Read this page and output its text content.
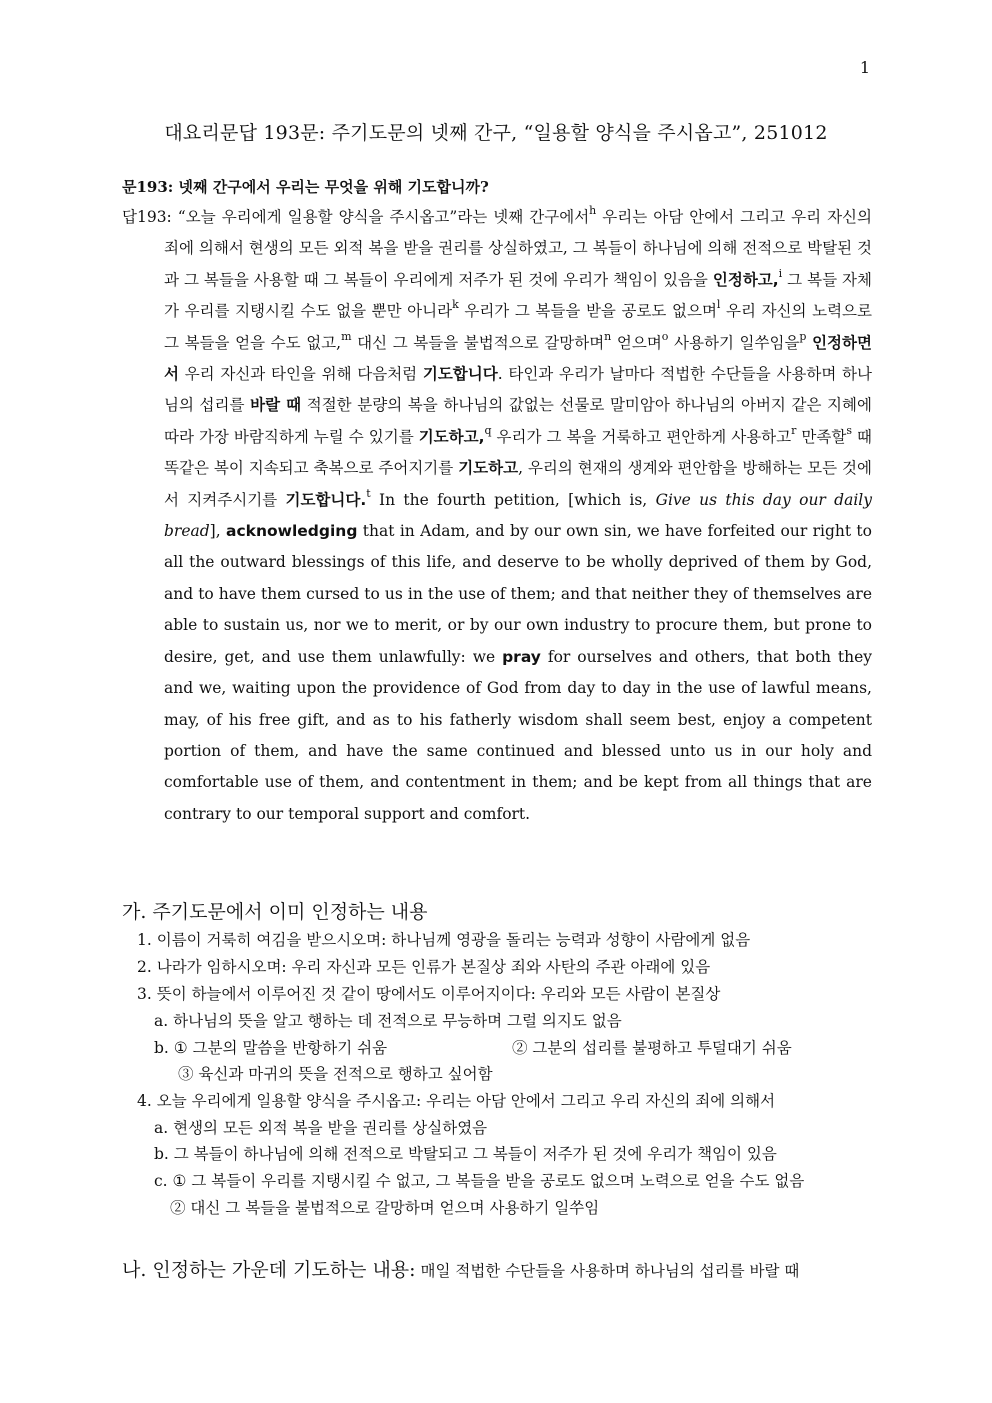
1
대요리문답 193문: 주기도문의 넷째 간구, “일용할 양식을 주시옵고”, 251012
문193: 넷째 간구에서 우리는 무엇을 위해 기도합니까?
답193: “오늘 우리에게 일용할 양식을 주시옵고”라는 넷째 간구에서$^h$ 우리는 아담 안에서 그리고 우리 자신의 죄에 의해서 현생의 모든 외적 복을 받을 권리를 상실하였고, 그 복들이 하나님에 의해 전적으로 박탈된 것과 그 복들을 사용할 때 그 복들이 우리에게 저주가 된 것에 우리가 책임이 있음을 인정하고,$^i$ 그 복들 자체가 우리를 지탱시킬 수도 없을 뿐만 아니라$^k$ 우리가 그 복들을 받을 공로도 없으며$^l$ 우리 자신의 노력으로 그 복들을 얻을 수도 없고,$^m$ 대신 그 복들을 불법적으로 갈망하며$^n$ 얻으며$^o$ 사용하기 일쑤임을$^p$ 인정하면서 우리 자신과 타인을 위해 다음처럼 기도합니다. 타인과 우리가 날마다 적법한 수단들을 사용하며 하나님의 섭리를 바랄 때 적절한 분량의 복을 하나님의 값없는 선물로 말미암아 하나님의 아버지 같은 지혜에 따라 가장 바람직하게 누릴 수 있기를 기도하고,$^q$ 우리가 그 복을 거룩하고 편안하게 사용하고$^r$ 만족할$^s$ 때 똑같은 복이 지속되고 축복으로 주어지기를 기도하고, 우리의 현재의 생계와 편안함을 방해하는 모든 것에서 지켜주시기를 기도합니다.$^t$ In the fourth petition, [which is, Give us this day our daily bread], acknowledging that in Adam, and by our own sin, we have forfeited our right to all the outward blessings of this life, and deserve to be wholly deprived of them by God, and to have them cursed to us in the use of them; and that neither they of themselves are able to sustain us, nor we to merit, or by our own industry to procure them, but prone to desire, get, and use them unlawfully: we pray for ourselves and others, that both they and we, waiting upon the providence of God from day to day in the use of lawful means, may, of his free gift, and as to his fatherly wisdom shall seem best, enjoy a competent portion of them, and have the same continued and blessed unto us in our holy and comfortable use of them, and contentment in them; and be kept from all things that are contrary to our temporal support and comfort.
가. 주기도문에서 이미 인정하는 내용
1. 이름이 거룩히 여김을 받으시오며: 하나님께 영광을 돌리는 능력과 성향이 사람에게 없음
2. 나라가 임하시오며: 우리 자신과 모든 인류가 본질상 죄와 사탄의 주관 아래에 있음
3. 뜻이 하늘에서 이루어진 것 같이 땅에서도 이루어지이다: 우리와 모든 사람이 본질상
a. 하나님의 뜻을 알고 행하는 데 전적으로 무능하며 그럴 의지도 없음
b. ① 그분의 말씀을 반항하기 쉬움	② 그분의 섭리를 불평하고 투덜대기 쉬움
③ 육신과 마귀의 뜻을 전적으로 행하고 싶어함
4. 오늘 우리에게 일용할 양식을 주시옵고: 우리는 아담 안에서 그리고 우리 자신의 죄에 의해서
a. 현생의 모든 외적 복을 받을 권리를 상실하였음
b. 그 복들이 하나님에 의해 전적으로 박탈되고 그 복들이 저주가 된 것에 우리가 책임이 있음
c. ① 그 복들이 우리를 지탱시킬 수 없고, 그 복들을 받을 공로도 없으며 노력으로 얻을 수도 없음
② 대신 그 복들을 불법적으로 갈망하며 얻으며 사용하기 일쑤임
나. 인정하는 가운데 기도하는 내용: 매일 적법한 수단들을 사용하며 하나님의 섭리를 바랄 때
